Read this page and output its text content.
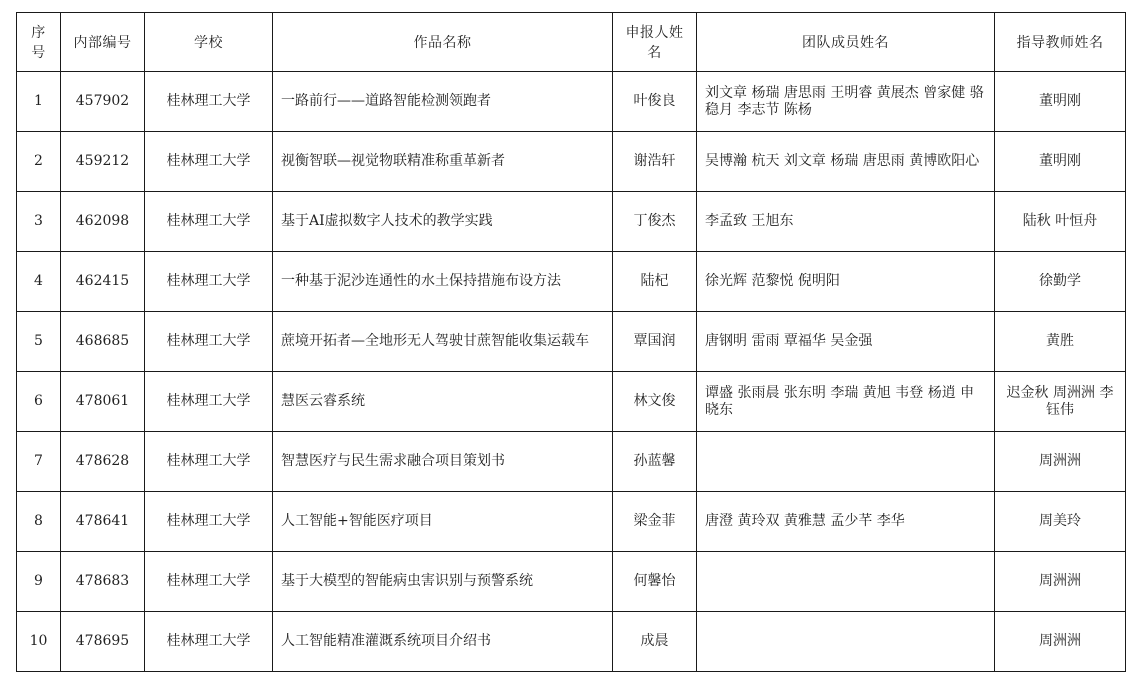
序号	内部编号	学校	作品名称	申报人姓名	团队成员姓名	指导教师姓名
1	457902	桂林理工大学	一路前行——道路智能检测领跑者	叶俊良	刘文章 杨瑞 唐思雨 王明睿 黄展杰 曾家健 骆稳月 李志节 陈杨	董明刚
2	459212	桂林理工大学	视衡智联—视觉物联精准称重革新者	谢浩轩	吴博瀚 杭天 刘文章 杨瑞 唐思雨 黄博欧阳心	董明刚
3	462098	桂林理工大学	基于AI虚拟数字人技术的教学实践	丁俊杰	李孟致 王旭东	陆秋 叶恒舟
4	462415	桂林理工大学	一种基于泥沙连通性的水土保持措施布设方法	陆杞	徐光辉 范黎悦 倪明阳	徐勤学
5	468685	桂林理工大学	蔗境开拓者—全地形无人驾驶甘蔗智能收集运载车	覃国润	唐钢明 雷雨 覃福华 吴金强	黄胜
6	478061	桂林理工大学	慧医云睿系统	林文俊	谭盛 张雨晨 张东明 李瑞 黄旭 韦登 杨逍 申晓东	迟金秋 周洲洲 李钰伟
7	478628	桂林理工大学	智慧医疗与民生需求融合项目策划书	孙蓝馨		周洲洲
8	478641	桂林理工大学	人工智能+智能医疗项目	梁金菲	唐澄 黄玲双 黄雅慧 孟少芊 李华	周美玲
9	478683	桂林理工大学	基于大模型的智能病虫害识别与预警系统	何馨怡		周洲洲
10	478695	桂林理工大学	人工智能精准灌溉系统项目介绍书	成晨		周洲洲
